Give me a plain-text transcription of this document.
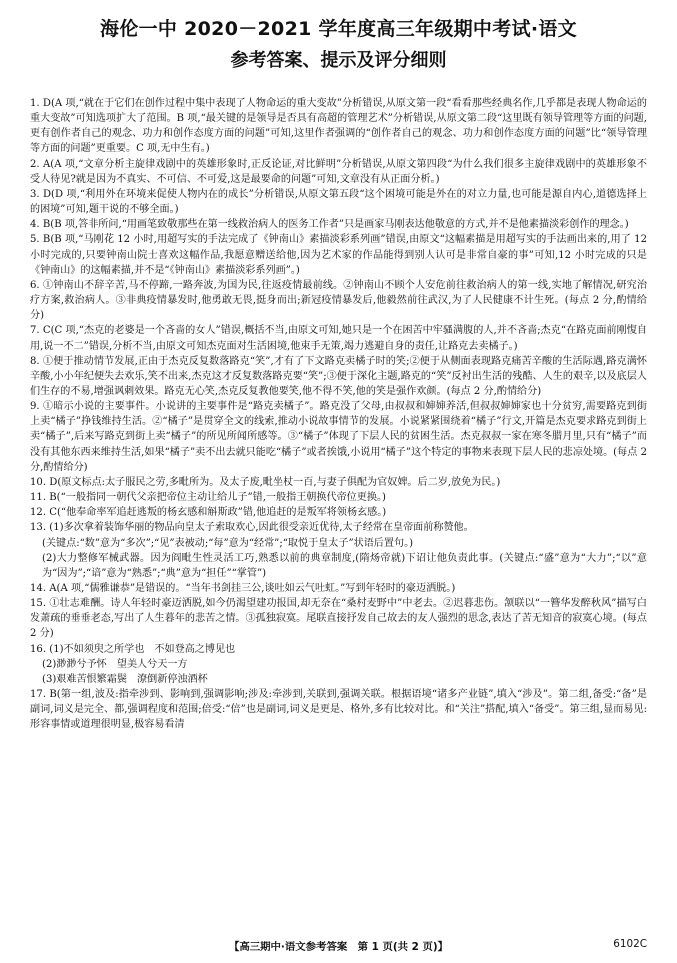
海伦一中 2020－2021 学年度高三年级期中考试·语文
参考答案、提示及评分细则
1. D(A 项,“就在于它们在创作过程中集中表现了人物命运的重大变故”分析错误,从原文第一段“看看那些经典名作,几乎都是表现人物命运的重大变故”可知选项扩大了范围。B 项,“最关键的是领导是否具有高超的管理艺术”分析错误,从原文第二段“这里既有领导管理等方面的问题,更有创作者自己的观念、功力和创作态度方面的问题”可知,这里作者强调的“创作者自己的观念、功力和创作态度方面的问题”比“领导管理等方面的问题”更重要。C 项,无中生有。)
2. A(A 项,“文章分析主旋律戏剧中的英雄形象时,正反论证,对比鲜明”分析错误,从原文第四段“为什么我们很多主旋律戏剧中的英雄形象不受人待见?就是因为不真实、不可信、不可爱,这是最要命的问题”可知,文章没有从正面分析。)
3. D(D 项,“利用外在环境来促使人物内在的成长”分析错误,从原文第五段“这个困境可能是外在的对立力量,也可能是源自内心,道德选择上的困境”可知,题干说的不够全面。)
4. B(B 项,答非所问,“用画笔致敬那些在第一线救治病人的医务工作者”只是画家马刚表达他敬意的方式,并不是他素描淡彩创作的理念。)
5. B(B 项,“马刚花 12 小时,用超写实的手法完成了《钟南山》素描淡彩系列画”错误,由原文“这幅素描是用超写实的手法画出来的,用了 12 小时完成的,只要钟南山院士喜欢这幅作品,我愿意赠送给他,因为艺术家的作品能得到别人认可是非常自豪的事”可知,12 小时完成的只是《钟南山》的这幅素描,并不是“《钟南山》素描淡彩系列画”。)
6. ①钟南山不辞辛苦,马不停蹄,一路奔波,为国为民,往返疫情最前线。②钟南山不顾个人安危前往救治病人的第一线,实地了解情况,研究治疗方案,救治病人。③非典疫情暴发时,他勇敢无畏,挺身而出;新冠疫情暴发后,他毅然前往武汉,为了人民健康不计生死。(每点 2 分,酌情给分)
7. C(C 项,“杰克的老婆是一个吝啬的女人”错误,概括不当,由原文可知,她只是一个在困苦中牢骚满腹的人,并不吝啬;杰克“在路克面前刚愎自用,说一不二”错误,分析不当,由原文可知杰克面对生活困境,他束手无策,竭力逃避自身的责任,让路克去卖橘子。)
8. ①便于推动情节发展,正由于杰克反复数落路克“笑”,才有了下文路克卖橘子时的笑;②便于从侧面表现路克痛苦辛酸的生活际遇,路克满怀辛酸,小小年纪便失去欢乐,笑不出来,杰克这才反复数落路克要“笑”;③便于深化主题,路克的“笑”反衬出生活的残酷、人生的艰辛,以及底层人们生存的不易,增强讽刺效果。路克无心笑,杰克反复教他要笑,他不得不笑,他的笑是强作欢颜。(每点 2 分,酌情给分)
9. ①暗示小说的主要事件。小说讲的主要事件是“路克卖橘子”。路克没了父母,由叔叔和婶婶养活,但叔叔婶婶家也十分贫穷,需要路克到街上卖“橘子”挣钱维持生活。②“橘子”是贯穿全文的线索,推动小说故事情节的发展。小说紧紧围绕着“橘子”行文,开篇是杰克要求路克到街上卖“橘子”,后来写路克到街上卖“橘子”的所见所闻所感等。③“橘子”体现了下层人民的贫困生活。杰克叔叔一家在寒冬腊月里,只有“橘子”而没有其他东西来维持生活,如果“橘子”卖不出去就只能吃“橘子”或者挨饿,小说用“橘子”这个特定的事物来表现下层人民的悲凉处境。(每点 2 分,酌情给分)
10. D(原文标点:太子服民之劳,多毗所为。及太子废,毗坐杖一百,与妻子俱配为官奴婢。后二岁,放免为民。)
11. B(“一般指同一朝代父亲把帝位主动让给儿子”错,一般指王朝换代帝位更换。)
12. C(“他奉命率军追赶逃叛的杨玄感和斛斯政”错,他追赶的是叛军将领杨玄感。)
13. (1)多次拿着装饰华丽的物品向皇太子索取欢心,因此很受亲近优待,太子经常在皇帝面前称赞他。
(关键点:“数”意为“多次”;“见”表被动;“每”意为“经常”;“取悦于皇太子”状语后置句。)
(2)大力整修军械武器。因为阎毗生性灵活工巧,熟悉以前的典章制度,(隋炀帝就)下诏让他负责此事。(关键点:“盛”意为“大力”;“以”意为“因为”;“谙”意为“熟悉”;“典”意为“担任”“掌管”)
14. A(A 项,“儒雅谦恭”是错误的。“当年书剑挂三公,谈吐如云气吐虹。”写到年轻时的豪迈洒脱。)
15. ①壮志难酬。诗人年轻时豪迈洒脱,如今仍渴望建功报国,却无奈在“桑村麦野中”中老去。②迟暮悲伤。颔联以“一簪华发醉秋风”描写白发萧疏的垂垂老态,写出了人生暮年的悲苦之情。③孤独寂寞。尾联直接抒发自己故去的友人强烈的思念,表达了苦无知音的寂寞心境。(每点 2 分)
16. (1)不如须臾之所学也　不如登高之博见也
(2)渺渺兮予怀　望美人兮天一方
(3)艰难苦恨繁霜鬓　潦倒新停浊酒杯
17. B(第一组,波及:指牵涉到、影响到,强调影响;涉及:牵涉到,关联到,强调关联。根据语境“诸多产业链”,填入“涉及”。第二组,备受:“备”是副词,词义是完全、都,强调程度和范围;倍受:“倍”也是副词,词义是更是、格外,多有比较对比。和“关注”搭配,填入“备受”。第三组,显而易见:形容事情或道理很明显,极容易看清
【高三期中·语文参考答案　第 1 页(共 2 页)】	6102C
